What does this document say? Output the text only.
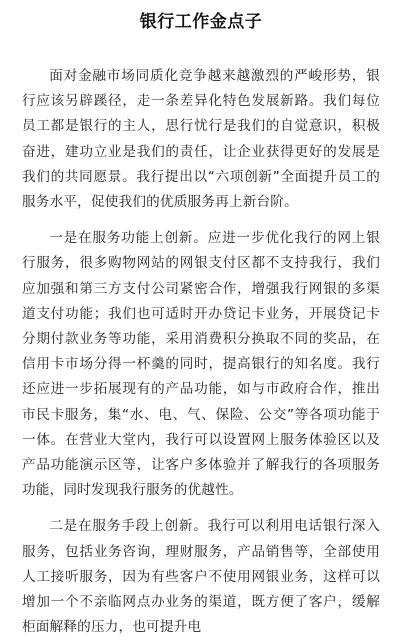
银行工作金点子

面对金融市场同质化竞争越来越激烈的严峻形势，银行应该另辟蹊径，走一条差异化特色发展新路。我们每位员工都是银行的主人，思行忧行是我们的自觉意识，积极奋进，建功立业是我们的责任，让企业获得更好的发展是我们的共同愿景。我行提出以“六项创新”全面提升员工的服务水平，促使我们的优质服务再上新台阶。

一是在服务功能上创新。应进一步优化我行的网上银行服务，很多购物网站的网银支付区都不支持我行，我们应加强和第三方支付公司紧密合作，增强我行网银的多渠道支付功能；我们也可适时开办贷记卡业务，开展贷记卡分期付款业务等功能，采用消费积分换取不同的奖品，在信用卡市场分得一杯羹的同时，提高银行的知名度。我行还应进一步拓展现有的产品功能，如与市政府合作，推出市民卡服务，集“水、电、气、保险、公交”等各项功能于一体。在营业大堂内，我行可以设置网上服务体验区以及产品功能演示区等，让客户多体验并了解我行的各项服务功能，同时发现我行服务的优越性。

二是在服务手段上创新。我行可以利用电话银行深入服务，包括业务咨询，理财服务，产品销售等，全部使用人工接听服务，因为有些客户不使用网银业务，这样可以增加一个不亲临网点办业务的渠道，既方便了客户，缓解柜面解释的压力，也可提升电
